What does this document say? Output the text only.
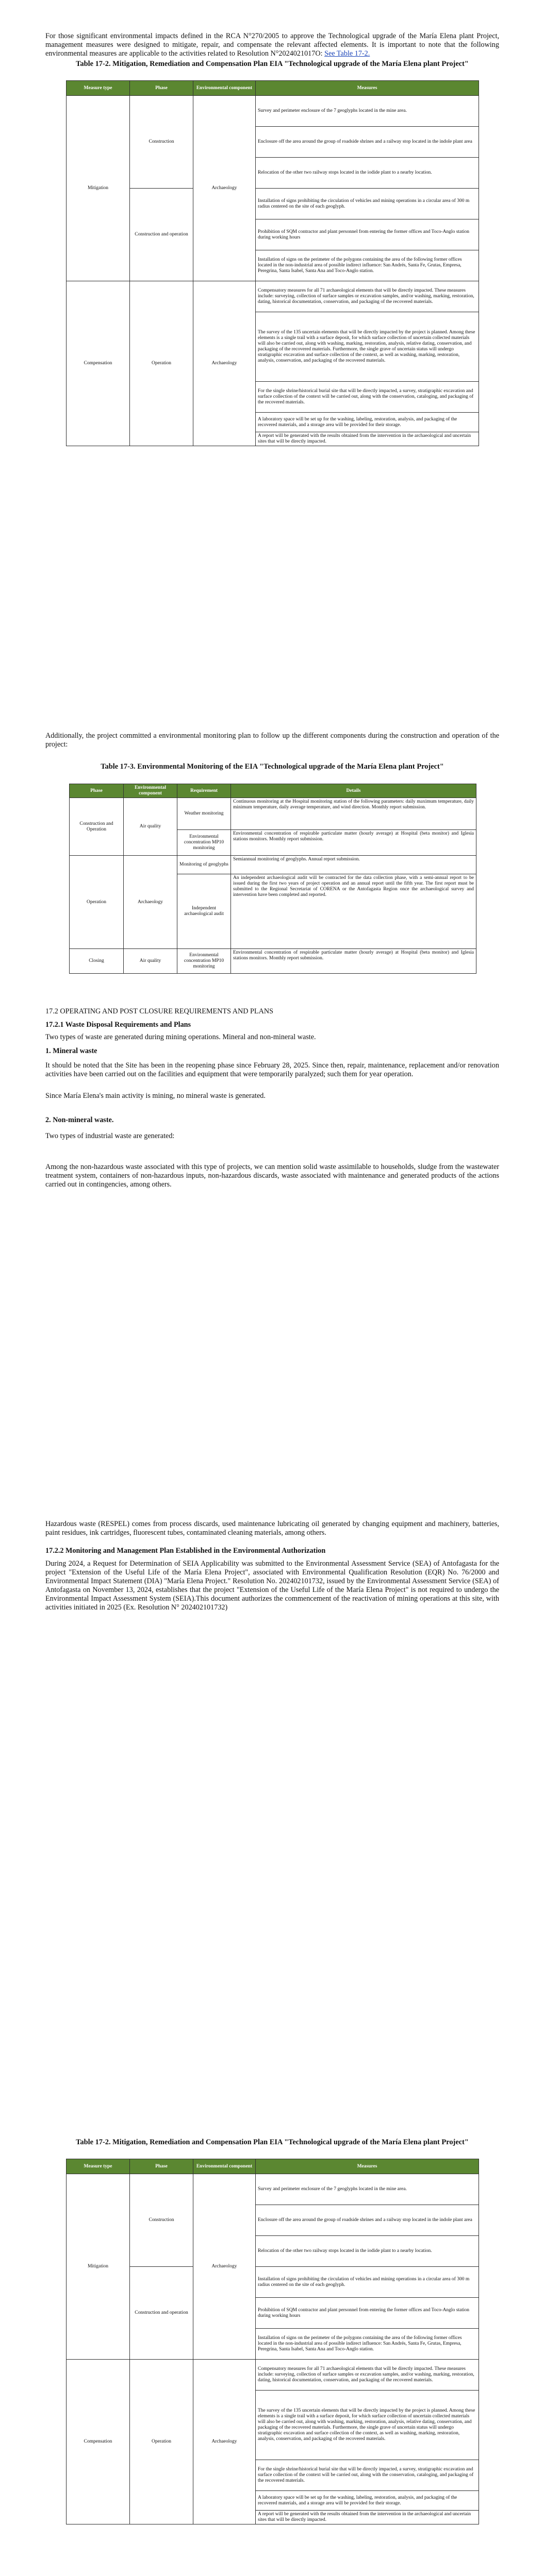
For those significant environmental impacts defined in the RCA N°270/2005 to approve the Technological upgrade of the María Elena plant Project, management measures were designed to mitigate, repair, and compensate the relevant affected elements. It is important to note that the following environmental measures are applicable to the activities related to Resolution N°2024021017O: See Table 17-2.

Table 17-2. Mitigation, Remediation and Compensation Plan EIA "Technological upgrade of the María Elena plant Project"
Measure type	Phase	Environmental component	Measures
Mitigation	Construction	Archaeology	Survey and perimeter enclosure of the 7 geoglyphs located in the mine area.
			Enclosure off the area around the group of roadside shrines and a railway stop located in the indole plant area
			Relocation of the other two railway stops located in the iodide plant to a nearby location.
	Construction and operation		Installation of signs prohibiting the circulation of vehicles and mining operations in a circular area of 300 m radius centered on the site of each geoglyph.
			Prohibition of SQM contractor and plant personnel from entering the former offices and Toco-Anglo station during working hours
			Installation of signs on the perimeter of the polygons containing the area of the following former offices located in the non-industrial area of possible indirect influence: San Andrés, Santa Fe, Grutas, Empresa, Peregrina, Santa Isabel, Santa Ana and Toco-Anglo station.
Compensation	Operation	Archaeology	Compensatory measures for all 71 archaeological elements that will be directly impacted. These measures include: surveying, collection of surface samples or excavation samples, and/or washing, marking, restoration, dating, historical documentation, conservation, and packaging of the recovered materials.
			The survey of the 135 uncertain elements that will be directly impacted by the project is planned. Among these elements is a single trail with a surface deposit, for which surface collection of uncertain collected materials will also be carried out, along with washing, marking, restoration, analysis, relative dating, conservation, and packaging of the recovered materials. Furthermore, the single grave of uncertain status will undergo stratigraphic excavation and surface collection of the context, as well as washing, marking, restoration, analysis, conservation, and packaging of the recovered materials.
			For the single shrine/historical burial site that will be directly impacted, a survey, stratigraphic excavation and surface collection of the context will be carried out, along with the conservation, cataloging, and packaging of the recovered materials.
			A laboratory space will be set up for the washing, labeling, restoration, analysis, and packaging of the recovered materials, and a storage area will be provided for their storage.
			A report will be generated with the results obtained from the intervention in the archaeological and uncertain sites that will be directly impacted.

Additionally, the project committed a environmental monitoring plan to follow up the different components during the construction and operation of the project:

Table 17-3. Environmental Monitoring of the EIA "Technological upgrade of the María Elena plant Project"
Phase	Environmental component	Requirement	Details
Construction and Operation	Air quality	Weather monitoring	Continuous monitoring at the Hospital monitoring station of the following parameters: daily maximum temperature, daily minimum temperature, daily average temperature, and wind direction. Monthly report submission.
		Environmental concentration MP10 monitoring	Environmental concentration of respirable particulate matter (hourly average) at Hospital (beta monitor) and Iglesia stations monitors. Monthly report submission.
Operation	Archaeology	Monitoring of geoglyphs	Semiannual monitoring of geoglyphs. Annual report submission.
		Independent archaeological audit	An independent archaeological audit will be contracted for the data collection phase, with a semi-annual report to be issued during the first two years of project operation and an annual report until the fifth year. The first report must be submitted to the Regional Secretariat of CORENA or the Antofagasta Region once the archaeological survey and intervention have been completed and reported.
Closing	Air quality	Environmental concentration MP10 monitoring	Environmental concentration of respirable particulate matter (hourly average) at Hospital (beta monitor) and Iglesia stations monitors. Monthly report submission.
17.2 OPERATING AND POST CLOSURE REQUIREMENTS AND PLANS
17.2.1 Waste Disposal Requirements and Plans

Two types of waste are generated during mining operations. Mineral and non-mineral waste.

1. Mineral waste

It should be noted that the Site has been in the reopening phase since February 28, 2025. Since then, repair, maintenance, replacement and/or renovation activities have been carried out on the facilities and equipment that were temporarily paralyzed; such them for year operation.

Since María Elena's main activity is mining, no mineral waste is generated.

2. Non-mineral waste.

Two types of industrial waste are generated:

Among the non-hazardous waste associated with this type of projects, we can mention solid waste assimilable to households, sludge from the wastewater treatment system, containers of non-hazardous inputs, non-hazardous discards, waste associated with maintenance and generated products of the actions carried out in contingencies, among others.

Hazardous waste (RESPEL) comes from process discards, used maintenance lubricating oil generated by changing equipment and machinery, batteries, paint residues, ink cartridges, fluorescent tubes, contaminated cleaning materials, among others.

17.2.2 Monitoring and Management Plan Established in the Environmental Authorization

During 2024, a Request for Determination of SEIA Applicability was submitted to the Environmental Assessment Service (SEA) of Antofagasta for the project "Extension of the Useful Life of the María Elena Project", associated with Environmental Qualification Resolution (EQR) No. 76/2000 and Environmental Impact Statement (DIA) "María Elena Project." Resolution No. 202402101732, issued by the Environmental Assessment Service (SEA) of Antofagasta on November 13, 2024, establishes that the project "Extension of the Useful Life of the María Elena Project" is not required to undergo the Environmental Impact Assessment System (SEIA).This document authorizes the commencement of the reactivation of mining operations at this site, with activities initiated in 2025 (Ex. Resolution N° 202402101732)

Table 17-2. Mitigation, Remediation and Compensation Plan EIA "Technological upgrade of the María Elena plant Project"
Measure type	Phase	Environmental component	Measures
Mitigation	Construction	Archaeology	Survey and perimeter enclosure of the 7 geoglyphs located in the mine area.
			Enclosure off the area around the group of roadside shrines and a railway stop located in the indole plant area
			Relocation of the other two railway stops located in the iodide plant to a nearby location.
	Construction and operation		Installation of signs prohibiting the circulation of vehicles and mining operations in a circular area of 300 m radius centered on the site of each geoglyph.
			Prohibition of SQM contractor and plant personnel from entering the former offices and Toco-Anglo station during working hours
			Installation of signs on the perimeter of the polygons containing the area of the following former offices located in the non-industrial area of possible indirect influence: San Andrés, Santa Fe, Grutas, Empresa, Peregrina, Santa Isabel, Santa Ana and Toco-Anglo station.
Compensation	Operation	Archaeology	Compensatory measures for all 71 archaeological elements that will be directly impacted. These measures include: surveying, collection of surface samples or excavation samples, and/or washing, marking, restoration, dating, historical documentation, conservation, and packaging of the recovered materials.
			The survey of the 135 uncertain elements that will be directly impacted by the project is planned. Among these elements is a single trail with a surface deposit, for which surface collection of uncertain collected materials will also be carried out, along with washing, marking, restoration, analysis, relative dating, conservation, and packaging of the recovered materials. Furthermore, the single grave of uncertain status will undergo stratigraphic excavation and surface collection of the context, as well as washing, marking, restoration, analysis, conservation, and packaging of the recovered materials.
			For the single shrine/historical burial site that will be directly impacted, a survey, stratigraphic excavation and surface collection of the context will be carried out, along with the conservation, cataloging, and packaging of the recovered materials.
			A laboratory space will be set up for the washing, labeling, restoration, analysis, and packaging of the recovered materials, and a storage area will be provided for their storage.
			A report will be generated with the results obtained from the intervention in the archaeological and uncertain sites that will be directly impacted.
